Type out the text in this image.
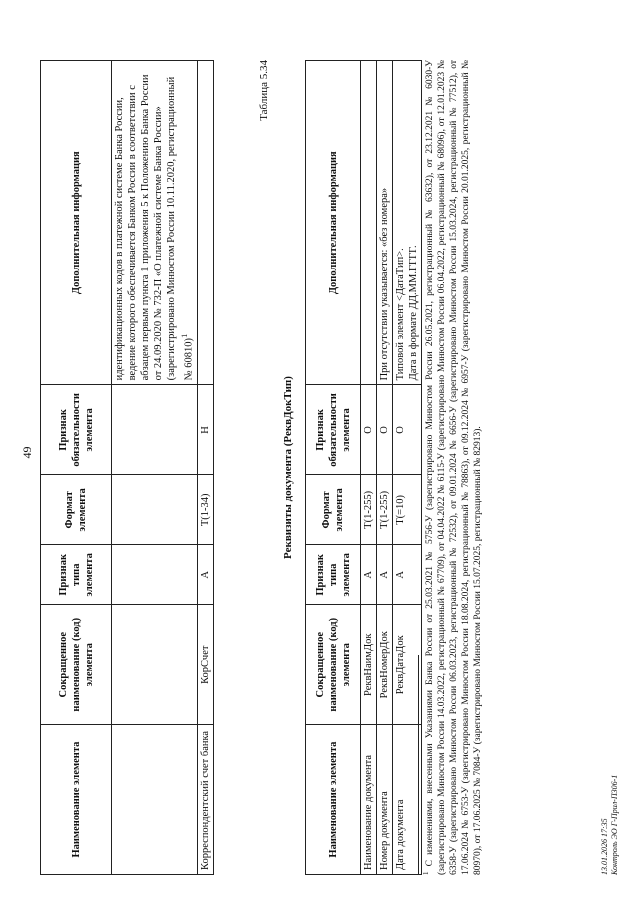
49
Наименование элемента	Сокращенное наименование (код) элемента	Признак типа элемента	Формат элемента	Признак обязательности элемента	Дополнительная информация
					идентификационных кодов в платежной системе Банка России, ведение которого обеспечивается Банком России в соответствии с абзацем первым пункта 1 приложения 5 к Положению Банка России от 24.09.2020 № 732-П «О платежной системе Банка России» (зарегистрировано Минюстом России 10.11.2020, регистрационный № 60810)$^1$
Корреспондентский счет банка	КорСчет	А	T(1-34)	Н	
Таблица 5.34
Реквизиты документа (РеквДокТип)
Наименование элемента	Сокращенное наименование (код) элемента	Признак типа элемента	Формат элемента	Признак обязательности элемента	Дополнительная информация
Наименование документа	РеквНаимДок	А	T(1-255)	О	
Номер документа	РеквНомерДок	А	T(1-255)	О	При отсутствии указывается: «без номера»
Дата документа	РеквДатаДок	А	T(=10)	О	Типовой элемент <ДатаТип>. Дата в формате ДД.ММ.ГГГГ.
$^1$ С изменениями, внесенными Указаниями Банка России от 25.03.2021 № 5756-У (зарегистрировано Минюстом России 26.05.2021, регистрационный № 63632), от 23.12.2021 № 6030-У (зарегистрировано Минюстом России 14.03.2022, регистрационный № 67709), от 04.04.2022 № 6115-У (зарегистрировано Минюстом России 06.04.2022, регистрационный № 68096), от 12.01.2023 № 6358-У (зарегистрировано Минюстом России 06.03.2023, регистрационный № 72532), от 09.01.2024 № 6656-У (зарегистрировано Минюстом России 15.03.2024, регистрационный № 77512), от 17.06.2024 № 6753-У (зарегистрировано Минюстом России 18.08.2024, регистрационный № 78863), от 09.12.2024 № 6957-У (зарегистрировано Минюстом России 20.01.2025, регистрационный № 80970), от 17.06.2025 № 7084-У (зарегистрировано Минюстом России 15.07.2025, регистрационный № 82913).	13.01.2026 17:35 Контроль ЭО Г-Прил-П306-1
